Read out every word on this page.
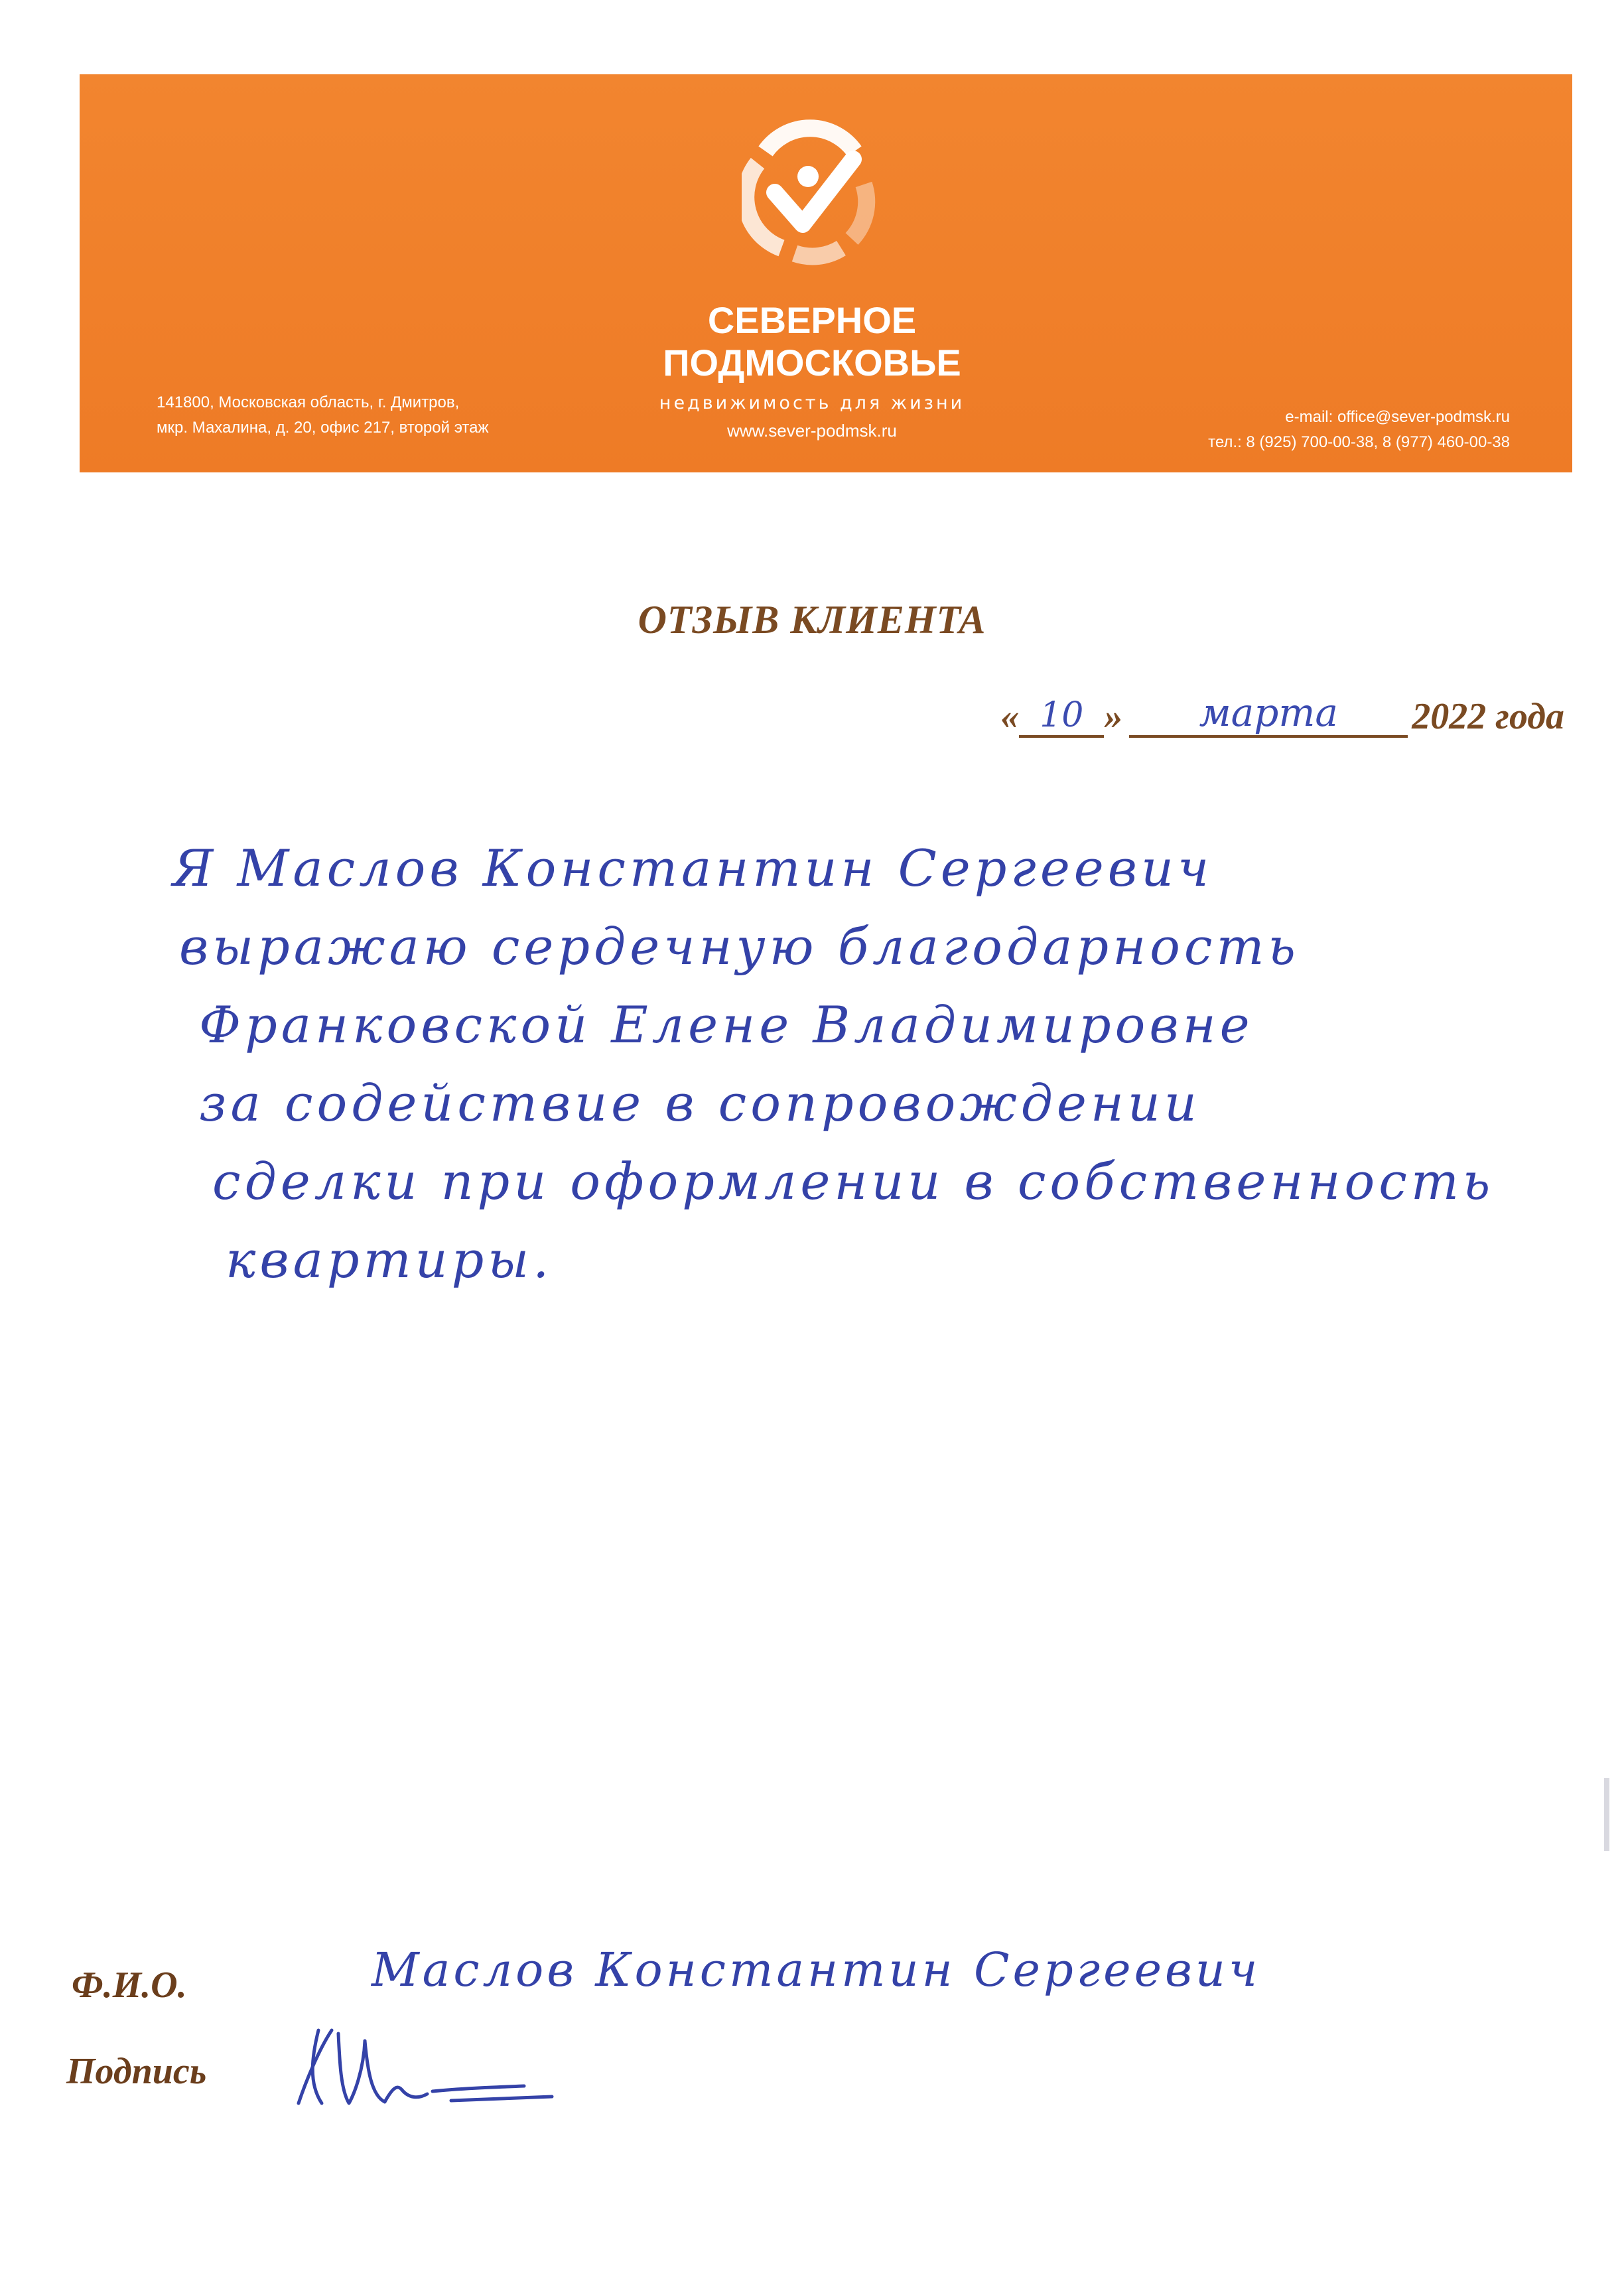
СЕВЕРНОЕ
ПОДМОСКОВЬЕ
недвижимость для жизни
www.sever-podmsk.ru
141800, Московская область, г. Дмитров,
мкр. Махалина, д. 20, офис 217, второй этаж
e-mail: office@sever-podmsk.ru
тел.: 8 (925) 700-00-38, 8 (977) 460-00-38
ОТЗЫВ КЛИЕНТА
« 10 » марта 2022 года
Я Маслов Константин Сергеевич
выражаю сердечную благодарность
Франковской Елене Владимировне
за содействие в сопровождении
сделки при оформлении в собственность
квартиры.
Ф.И.О.	Маслов Константин Сергеевич
Подпись
